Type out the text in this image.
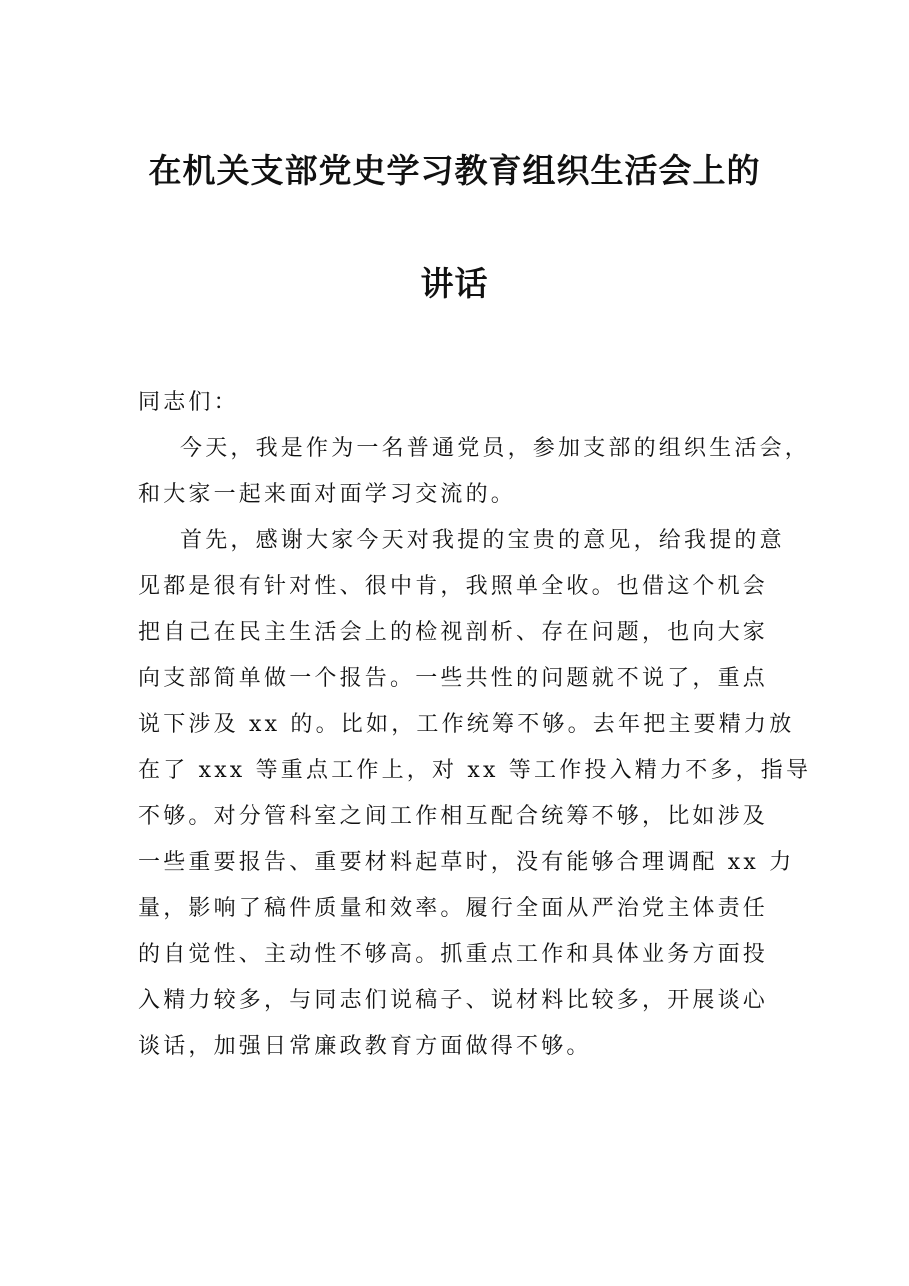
在机关支部党史学习教育组织生活会上的
讲话
同志们：
今天，我是作为一名普通党员，参加支部的组织生活会，
和大家一起来面对面学习交流的。
首先，感谢大家今天对我提的宝贵的意见，给我提的意
见都是很有针对性、很中肯，我照单全收。也借这个机会
把自己在民主生活会上的检视剖析、存在问题，也向大家
向支部简单做一个报告。一些共性的问题就不说了，重点
说下涉及 xx 的。比如，工作统筹不够。去年把主要精力放
在了 xxx 等重点工作上，对 xx 等工作投入精力不多，指导
不够。对分管科室之间工作相互配合统筹不够，比如涉及
一些重要报告、重要材料起草时，没有能够合理调配 xx 力
量，影响了稿件质量和效率。履行全面从严治党主体责任
的自觉性、主动性不够高。抓重点工作和具体业务方面投
入精力较多，与同志们说稿子、说材料比较多，开展谈心
谈话，加强日常廉政教育方面做得不够。
